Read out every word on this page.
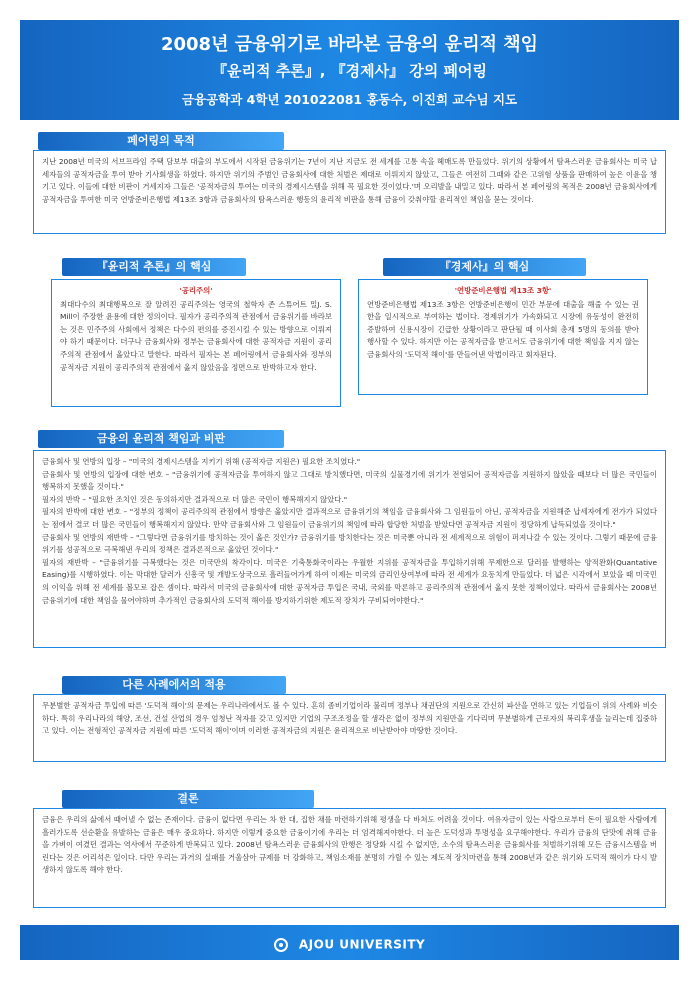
2008년 금융위기로 바라본 금융의 윤리적 책임
『윤리적 추론』, 『경제사』 강의 페어링
금융공학과 4학년 201022081 홍동수, 이진희 교수님 지도
페어링의 목적

지난 2008년 미국의 서브프라임 주택 담보부 대출의 부도에서 시작된 금융위기는 7년이 지난 지금도 전 세계를 고통 속을 헤매도록 만들었다. 위기의 상황에서 탐욕스러운 금융회사는 미국 납세자들의 공적자금을 투여 받아 기사회생을 하였다. 하지만 위기의 주범인 금융회사에 대한 처벌은 제대로 이뤄지지 않았고, 그들은 여전히 그때와 같은 고위험 상품을 판매하여 높은 이윤을 챙기고 있다. 이들에 대한 비판이 거세지자 그들은 '공적자금의 투여는 미국의 경제시스템을 위해 꼭 필요한 것이었다.'며 오리발을 내밀고 있다. 따라서 본 페어링의 목적은 2008년 금융회사에게 공적자금을 투여한 미국 연방준비은행법 제13조 3항과 금융회사의 탐욕스러운 행동의 윤리적 비판을 통해 금융이 갖춰야할 윤리적인 책임을 묻는 것이다.

『윤리적 추론』의 핵심

'공리주의'

최대다수의 최대행복으로 잘 알려진 공리주의는 영국의 철학자 존 스튜어트 밀J. S. Mill이 주장한 윤용에 대한 정의이다. 필자가 공리주의적 관점에서 금융위기를 바라보는 것은 민주주의 사회에서 정책은 다수의 편의를 증진시킬 수 있는 방향으로 이뤄져야 하기 때문이다. 더구나 금융회사와 정부는 금융회사에 대한 공적자금 지원이 공리주의적 관점에서 옳았다고 말한다. 따라서 필자는 본 페어링에서 금융회사와 정부의 공적자금 지원이 공리주의적 관점에서 옳지 않았음을 정면으로 반박하고자 한다.

『경제사』의 핵심

'연방준비은행법 제13조 3항'

연방준비은행법 제13조 3항은 연방준비은행이 민간 부문에 대출을 해줄 수 있는 권한을 일시적으로 부여하는 법이다. 경제위기가 가속화되고 시장에 유동성이 완전히 증발하여 신용시장이 긴급한 상황이라고 판단될 때 이사회 총재 5명의 동의를 받아 행사할 수 있다. 하지만 이는 공적자금을 받고서도 금융위기에 대한 책임을 지지 않는 금융회사의 '도덕적 해이'를 만들어낸 악법이라고 회자된다.

금융의 윤리적 책임과 비판

금융회사 및 연방의 입장 – "미국의 경제시스템을 지키기 위해 (공적자금 지원은) 필요한 조치였다."

금융회사 및 연방의 입장에 대한 변호 – "금융위기에 공적자금을 투여하지 않고 그대로 방치했다면, 미국의 실물경기에 위기가 전염되어 공적자금을 지원하지 않았을 때보다 더 많은 국민들이 행복하지 못했을 것이다."

필자의 반박 – "필요한 조치인 것은 동의하지만 결과적으로 더 많은 국민이 행복해지지 않았다."

필자의 반박에 대한 변호 – "정부의 정책이 공리주의적 관점에서 방향은 옳았지만 결과적으로 금융위기의 책임을 금융회사와 그 임원들이 아닌, 공적자금을 지원해준 납세자에게 전가가 되었다는 점에서 결코 더 많은 국민들이 행복해지지 않았다. 만약 금융회사와 그 임원들이 금융위기의 책임에 따라 합당한 처벌을 받았다면 공적자금 지원이 정당하게 납득되었을 것이다."

금융회사 및 연방의 재반박 – "그렇다면 금융위기를 방치하는 것이 옳은 것인가? 금융위기를 방치한다는 것은 미국뿐 아니라 전 세계적으로 위험이 퍼져나갈 수 있는 것이다. 그렇기 때문에 금융위기를 성공적으로 극복해낸 우리의 정책은 결과론적으로 옳았던 것이다."

필자의 재반박 – "금융위기를 극복했다는 것은 미국만의 착각이다. 미국은 기축통화국이라는 우월한 지위를 공적자금을 투입하기위해 무제한으로 달러를 발행하는 양적완화(Quantative Easing)를 시행하였다. 이는 막대한 달러가 신흥국 및 개발도상국으로 흘러들어가게 하여 이제는 미국의 금리인상여부에 따라 전 세계가 요동치게 만들었다. 더 넓은 시각에서 보았을 때 미국민의 이익을 위해 전 세계를 볼모로 잡은 셈이다. 따라서 미국의 금융회사에 대한 공적자금 투입은 국내, 국외를 막론하고 공리주의적 관점에서 옳지 못한 정책이었다. 따라서 금융회사는 2008년 금융위기에 대한 책임을 물어야하며 추가적인 금융회사의 도덕적 해이를 방지하기위한 제도적 장치가 구비되어야한다."

다른 사례에서의 적용

무분별한 공적자금 투입에 따른 '도덕적 해이'의 문제는 우리나라에서도 볼 수 있다. 흔히 좀비기업이라 불리며 정부나 채권단의 지원으로 간신히 파산을 면하고 있는 기업들이 위의 사례와 비슷하다. 특히 우리나라의 해양, 조선, 건설 산업의 경우 엄청난 적자를 갖고 있지만 기업의 구조조정을 할 생각은 없이 정부의 지원만을 기다리며 무분별하게 근로자의 복리후생을 늘리는데 집중하고 있다. 이는 전형적인 공적자금 지원에 따른 '도덕적 해이'이며 이러한 공적자금의 지원은 윤리적으로 비난받아야 마땅한 것이다.

결론

금융은 우리의 삶에서 때어낼 수 없는 존재이다. 금융이 없다면 우리는 차 한 대, 집한 채를 마련하기위해 평생을 다 바쳐도 어려울 것이다. 여유자금이 있는 사람으로부터 돈이 필요한 사람에게 흘러가도록 선순환을 유발하는 금융은 매우 중요하다. 하지만 이렇게 중요한 금융이기에 우리는 더 엄격해져야한다. 더 높은 도덕성과 투명성을 요구해야한다. 우리가 금융의 단맛에 취해 금융을 가벼이 여겼던 결과는 역사에서 꾸준하게 반복되고 있다. 2008년 탐욕스러운 금융회사의 만행은 정당화 시킬 수 없지만, 소수의 탐욕스러운 금융회사를 처벌하기위해 모든 금융시스템을 버린다는 것은 어리석은 일이다. 다만 우리는 과거의 실패를 거울삼아 규제를 더 강화하고, 책임소재를 분명히 가릴 수 있는 제도적 장치마련을 통해 2008년과 같은 위기와 도덕적 해이가 다시 발생하지 않도록 해야 한다.

AJOU UNIVERSITY
